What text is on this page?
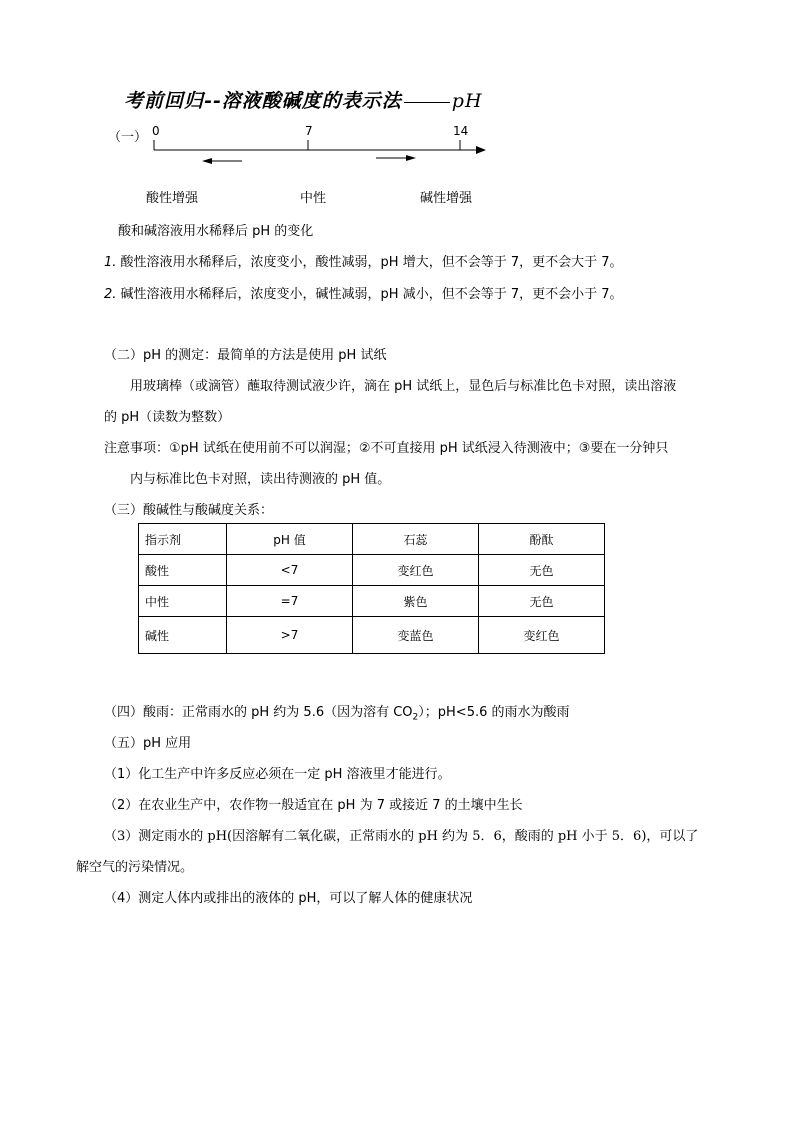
考前回归--溶液酸碱度的表示法	pH
（一） 0	7	14
酸性增强	中性	碱性增强
酸和碱溶液用水稀释后 pH 的变化
1. 酸性溶液用水稀释后，浓度变小，酸性减弱，pH 增大，但不会等于 7，更不会大于 7。
2. 碱性溶液用水稀释后，浓度变小，碱性减弱，pH 减小，但不会等于 7，更不会小于 7。
（二）pH 的测定：最简单的方法是使用 pH 试纸
用玻璃棒（或滴管）蘸取待测试液少许，滴在 pH 试纸上，显色后与标准比色卡对照，读出溶液
的 pH（读数为整数）
注意事项：①pH 试纸在使用前不可以润湿；②不可直接用 pH 试纸浸入待测液中；③要在一分钟只
内与标准比色卡对照，读出待测液的 pH 值。
（三）酸碱性与酸碱度关系：
指示剂	pH 值	石蕊	酚酞
酸性	<7	变红色	无色
中性	=7	紫色	无色
碱性	>7	变蓝色	变红色
（四）酸雨：正常雨水的 pH 约为 5.6（因为溶有 $CO_2$）；pH<5.6 的雨水为酸雨
（五）pH 应用
（1）化工生产中许多反应必须在一定 pH 溶液里才能进行。
（2）在农业生产中，农作物一般适宜在 pH 为 7 或接近 7 的土壤中生长
（3）测定雨水的 pH(因溶解有二氧化碳，正常雨水的 pH 约为 5．6，酸雨的 pH 小于 5．6)，可以了
解空气的污染情况。
（4）测定人体内或排出的液体的 pH，可以了解人体的健康状况
